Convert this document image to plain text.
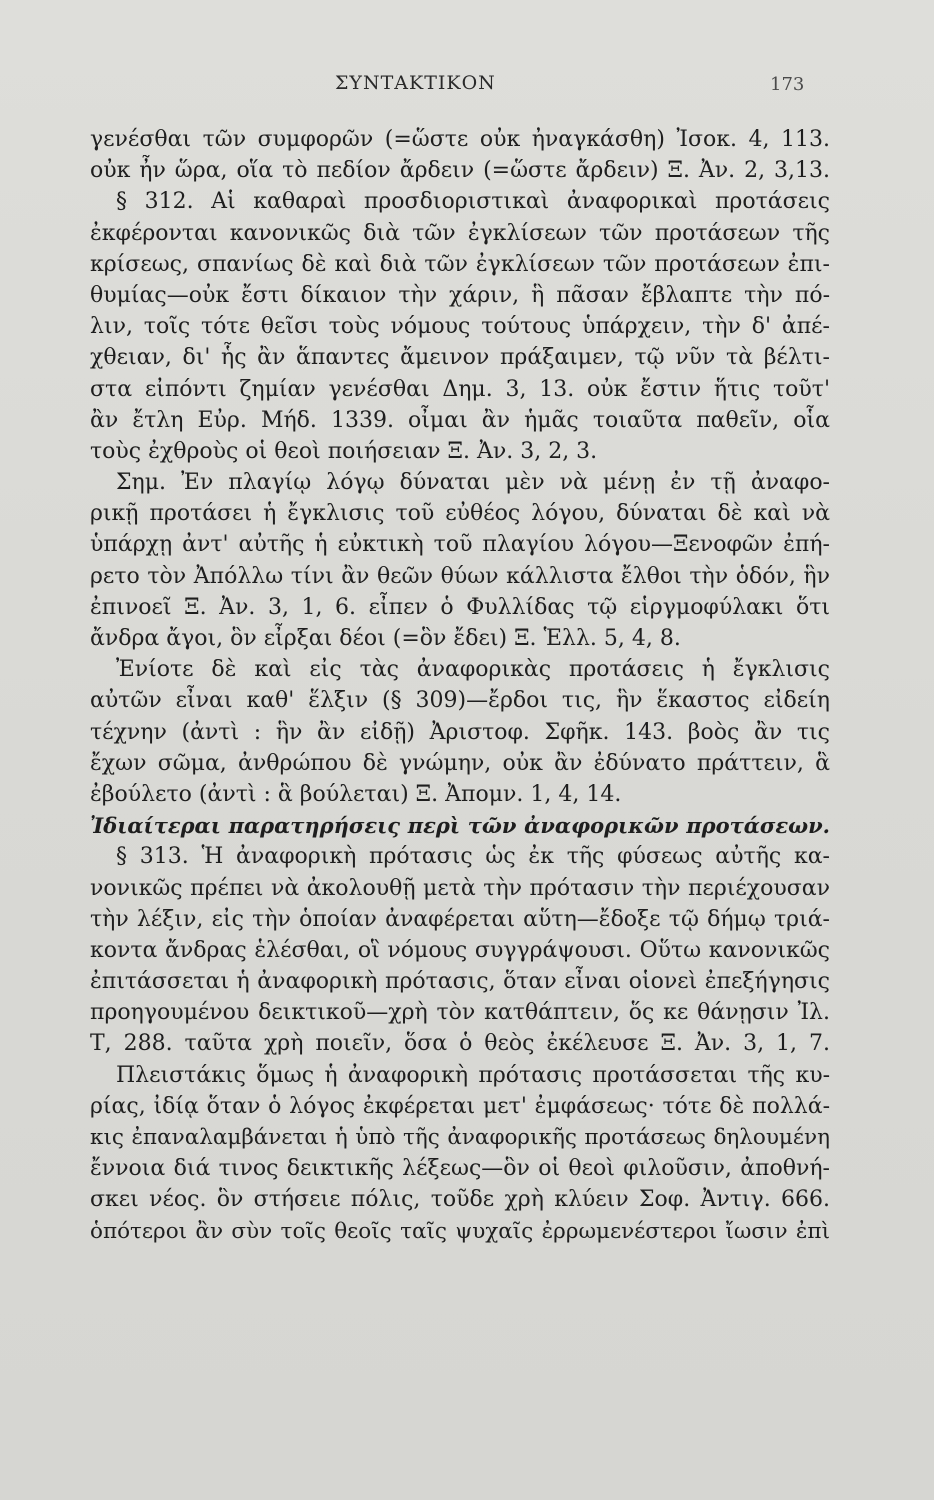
ΣΥΝΤΑΚΤΙΚΟΝ	173
γενέσθαι τῶν συμφορῶν (=ὥστε οὐκ ἠναγκάσθη) Ἰσοκ. 4, 113.
οὐκ ἦν ὥρα, οἵα τὸ πεδίον ἄρδειν (=ὥστε ἄρδειν) Ξ. Ἀν. 2, 3,13.
§ 312. Αἱ καθαραὶ προσδιοριστικαὶ ἀναφορικαὶ προτάσεις
ἐκφέρονται κανονικῶς διὰ τῶν ἐγκλίσεων τῶν προτάσεων τῆς
κρίσεως, σπανίως δὲ καὶ διὰ τῶν ἐγκλίσεων τῶν προτάσεων ἐπι-
θυμίας—οὐκ ἔστι δίκαιον τὴν χάριν, ἣ πᾶσαν ἔβλαπτε τὴν πό-
λιν, τοῖς τότε θεῖσι τοὺς νόμους τούτους ὑπάρχειν, τὴν δ' ἀπέ-
χθειαν, δι' ἧς ἂν ἅπαντες ἄμεινον πράξαιμεν, τῷ νῦν τὰ βέλτι-
στα εἰπόντι ζημίαν γενέσθαι Δημ. 3, 13. οὐκ ἔστιν ἥτις τοῦτ'
ἂν ἔτλη Εὐρ. Μήδ. 1339. οἶμαι ἂν ἡμᾶς τοιαῦτα παθεῖν, οἷα
τοὺς ἐχθροὺς οἱ θεοὶ ποιήσειαν Ξ. Ἀν. 3, 2, 3.
Σημ. Ἐν πλαγίῳ λόγῳ δύναται μὲν νὰ μένῃ ἐν τῇ ἀναφο-
ρικῇ προτάσει ἡ ἔγκλισις τοῦ εὐθέος λόγου, δύναται δὲ καὶ νὰ
ὑπάρχῃ ἀντ' αὐτῆς ἡ εὐκτικὴ τοῦ πλαγίου λόγου—Ξενοφῶν ἐπή-
ρετο τὸν Ἀπόλλω τίνι ἂν θεῶν θύων κάλλιστα ἔλθοι τὴν ὁδόν, ἣν
ἐπινοεῖ Ξ. Ἀν. 3, 1, 6. εἶπεν ὁ Φυλλίδας τῷ εἱργμοφύλακι ὅτι
ἄνδρα ἄγοι, ὃν εἶρξαι δέοι (=ὃν ἔδει) Ξ. Ἑλλ. 5, 4, 8.
Ἐνίοτε δὲ καὶ εἰς τὰς ἀναφορικὰς προτάσεις ἡ ἔγκλισις
αὐτῶν εἶναι καθ' ἕλξιν (§ 309)—ἔρδοι τις, ἣν ἕκαστος εἰδείη
τέχνην (ἀντὶ : ἣν ἂν εἰδῇ) Ἀριστοφ. Σφῆκ. 143. βοὸς ἂν τις
ἔχων σῶμα, ἀνθρώπου δὲ γνώμην, οὐκ ἂν ἐδύνατο πράττειν, ἃ
ἐβούλετο (ἀντὶ : ἃ βούλεται) Ξ. Ἀπομν. 1, 4, 14.
Ἰδιαίτεραι παρατηρήσεις περὶ τῶν ἀναφορικῶν προτάσεων.
§ 313. Ἡ ἀναφορικὴ πρότασις ὡς ἐκ τῆς φύσεως αὐτῆς κα-
νονικῶς πρέπει νὰ ἀκολουθῇ μετὰ τὴν πρότασιν τὴν περιέχουσαν
τὴν λέξιν, εἰς τὴν ὁποίαν ἀναφέρεται αὕτη—ἔδοξε τῷ δήμῳ τριά-
κοντα ἄνδρας ἑλέσθαι, οἳ νόμους συγγράψουσι. Οὕτω κανονικῶς
ἐπιτάσσεται ἡ ἀναφορικὴ πρότασις, ὅταν εἶναι οἱονεὶ ἐπεξήγησις
προηγουμένου δεικτικοῦ—χρὴ τὸν κατθάπτειν, ὅς κε θάνῃσιν Ἰλ.
Τ, 288. ταῦτα χρὴ ποιεῖν, ὅσα ὁ θεὸς ἐκέλευσε Ξ. Ἀν. 3, 1, 7.
Πλειστάκις ὅμως ἡ ἀναφορικὴ πρότασις προτάσσεται τῆς κυ-
ρίας, ἰδίᾳ ὅταν ὁ λόγος ἐκφέρεται μετ' ἐμφάσεως· τότε δὲ πολλά-
κις ἐπαναλαμβάνεται ἡ ὑπὸ τῆς ἀναφορικῆς προτάσεως δηλουμένη
ἔννοια διά τινος δεικτικῆς λέξεως—ὃν οἱ θεοὶ φιλοῦσιν, ἀποθνή-
σκει νέος. ὃν στήσειε πόλις, τοῦδε χρὴ κλύειν Σοφ. Ἀντιγ. 666.
ὁπότεροι ἂν σὺν τοῖς θεοῖς ταῖς ψυχαῖς ἐρρωμενέστεροι ἴωσιν ἐπὶ
